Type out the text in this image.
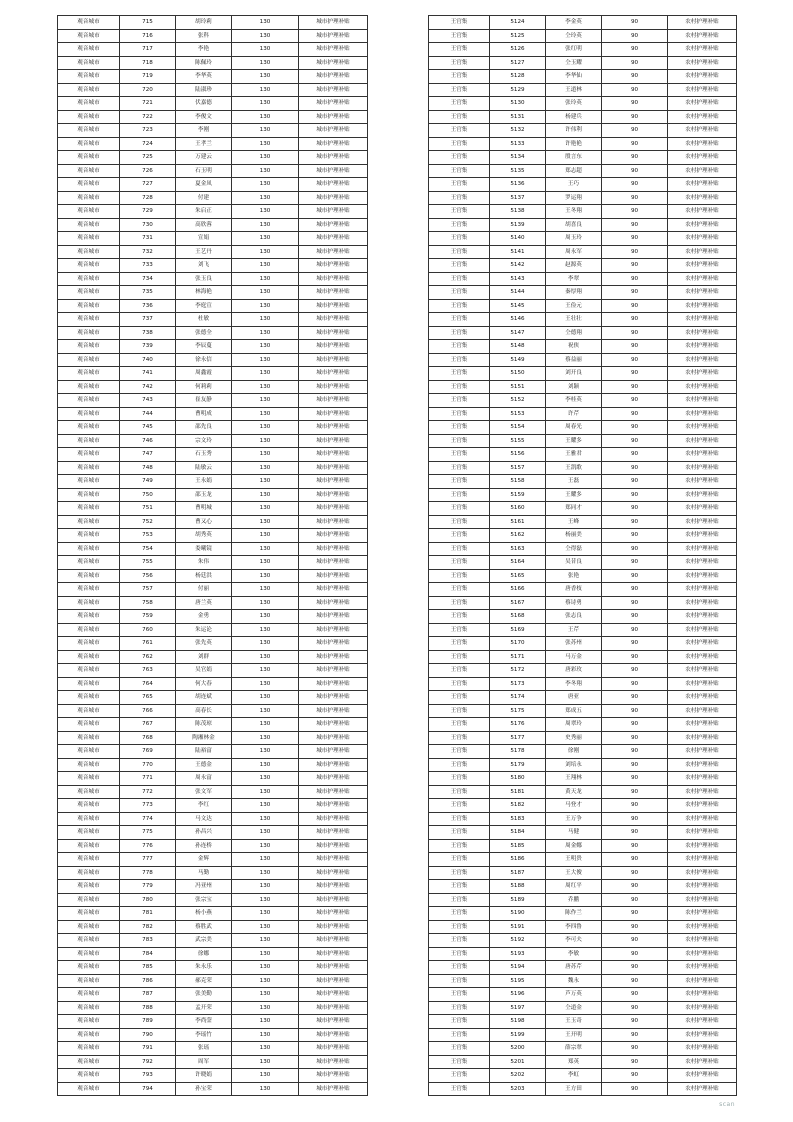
观音城市	715	胡玲莉	130	城市护理补贴
观音城市	716	张科	130	城市护理补贴
观音城市	717	李艳	130	城市护理补贴
观音城市	718	陈佩玲	130	城市护理补贴
观音城市	719	李华英	130	城市护理补贴
观音城市	720	陆淑珍	130	城市护理补贴
观音城市	721	伏嘉德	130	城市护理补贴
观音城市	722	李俊文	130	城市护理补贴
观音城市	723	李刚	130	城市护理补贴
观音城市	724	王孝兰	130	城市护理补贴
观音城市	725	万建云	130	城市护理补贴
观音城市	726	石玉明	130	城市护理补贴
观音城市	727	夏金凤	130	城市护理补贴
观音城市	728	付建	130	城市护理补贴
观音城市	729	朱启正	130	城市护理补贴
观音城市	730	高欣蓉	130	城市护理补贴
观音城市	731	宣娟	130	城市护理补贴
观音城市	732	王艺丹	130	城市护理补贴
观音城市	733	刘飞	130	城市护理补贴
观音城市	734	张玉良	130	城市护理补贴
观音城市	735	林海艳	130	城市护理补贴
观音城市	736	李庭宣	130	城市护理补贴
观音城市	737	杜敏	130	城市护理补贴
观音城市	738	张德全	130	城市护理补贴
观音城市	739	李辰蔓	130	城市护理补贴
观音城市	740	徐永信	130	城市护理补贴
观音城市	741	周鑫霞	130	城市护理补贴
观音城市	742	何莉莉	130	城市护理补贴
观音城市	743	崔友静	130	城市护理补贴
观音城市	744	曹明成	130	城市护理补贴
观音城市	745	邵先良	130	城市护理补贴
观音城市	746	宗文玲	130	城市护理补贴
观音城市	747	石玉秀	130	城市护理补贴
观音城市	748	陆敏云	130	城市护理补贴
观音城市	749	王永娟	130	城市护理补贴
观音城市	750	邵玉龙	130	城市护理补贴
观音城市	751	曹明城	130	城市护理补贴
观音城市	752	曹又心	130	城市护理补贴
观音城市	753	胡秀英	130	城市护理补贴
观音城市	754	娄曦镜	130	城市护理补贴
观音城市	755	朱伟	130	城市护理补贴
观音城市	756	杨廷洪	130	城市护理补贴
观音城市	757	付丽	130	城市护理补贴
观音城市	758	唐兰英	130	城市护理补贴
观音城市	759	金勇	130	城市护理补贴
观音城市	760	朱运论	130	城市护理补贴
观音城市	761	张先英	130	城市护理补贴
观音城市	762	刘群	130	城市护理补贴
观音城市	763	吴官娟	130	城市护理补贴
观音城市	764	何大春	130	城市护理补贴
观音城市	765	胡连斌	130	城市护理补贴
观音城市	766	高春长	130	城市护理补贴
观音城市	767	陈茂琼	130	城市护理补贴
观音城市	768	陶湘林金	130	城市护理补贴
观音城市	769	陆裕富	130	城市护理补贴
观音城市	770	王德金	130	城市护理补贴
观音城市	771	周永富	130	城市护理补贴
观音城市	772	张文军	130	城市护理补贴
观音城市	773	李红	130	城市护理补贴
观音城市	774	马文达	130	城市护理补贴
观音城市	775	孙昌兴	130	城市护理补贴
观音城市	776	孙连桥	130	城市护理补贴
观音城市	777	金辉	130	城市护理补贴
观音城市	778	马勤	130	城市护理补贴
观音城市	779	冯亚州	130	城市护理补贴
观音城市	780	张宗宝	130	城市护理补贴
观音城市	781	杨小燕	130	城市护理补贴
观音城市	782	蔡胜武	130	城市护理补贴
观音城市	783	武宗美	130	城市护理补贴
观音城市	784	徐娜	130	城市护理补贴
观音城市	785	朱永乐	130	城市护理补贴
观音城市	786	郝克荣	130	城市护理补贴
观音城市	787	张美勤	130	城市护理补贴
观音城市	788	孟开荣	130	城市护理补贴
观音城市	789	李尚蓥	130	城市护理补贴
观音城市	790	李瑶竹	130	城市护理补贴
观音城市	791	张瑶	130	城市护理补贴
观音城市	792	周军	130	城市护理补贴
观音城市	793	许晓娟	130	城市护理补贴
观音城市	794	孙宝荣	130	城市护理补贴
王官集	5124	李金英	90	农村护理补贴
王官集	5125	仝玲英	90	农村护理补贴
王官集	5126	张红明	90	农村护理补贴
王官集	5127	仝玉耀	90	农村护理补贴
王官集	5128	李华仙	90	农村护理补贴
王官集	5129	王道林	90	农村护理补贴
王官集	5130	张玲英	90	农村护理补贴
王官集	5131	杨建兵	90	农村护理补贴
王官集	5132	许伟利	90	农村护理补贴
王官集	5133	许艳艳	90	农村护理补贴
王官集	5134	殷言东	90	农村护理补贴
王官集	5135	郑志超	90	农村护理补贴
王官集	5136	王巧	90	农村护理补贴
王官集	5137	罗运翔	90	农村护理补贴
王官集	5138	王冬翔	90	农村护理补贴
王官集	5139	胡喜良	90	农村护理补贴
王官集	5140	周玉玲	90	农村护理补贴
王官集	5141	周永军	90	农村护理补贴
王官集	5142	赵源英	90	农村护理补贴
王官集	5143	李翠	90	农村护理补贴
王官集	5144	秦厚翔	90	农村护理补贴
王官集	5145	王俭元	90	农村护理补贴
王官集	5146	王壮壮	90	农村护理补贴
王官集	5147	仝德翔	90	农村护理补贴
王官集	5148	祝侠	90	农村护理补贴
王官集	5149	蔡益丽	90	农村护理补贴
王官集	5150	刘开良	90	农村护理补贴
王官集	5151	刘颖	90	农村护理补贴
王官集	5152	李桂英	90	农村护理补贴
王官集	5153	许芹	90	农村护理补贴
王官集	5154	周春光	90	农村护理补贴
王官集	5155	王耀多	90	农村护理补贴
王官集	5156	王雅君	90	农村护理补贴
王官集	5157	王凯歌	90	农村护理补贴
王官集	5158	王磊	90	农村护理补贴
王官集	5159	王耀多	90	农村护理补贴
王官集	5160	郑同才	90	农村护理补贴
王官集	5161	王峰	90	农村护理补贴
王官集	5162	杨丽美	90	农村护理补贴
王官集	5163	仝得磊	90	农村护理补贴
王官集	5164	吴昔良	90	农村护理补贴
王官集	5165	张艳	90	农村护理补贴
王官集	5166	唐香枝	90	农村护理补贴
王官集	5167	蔡诗勇	90	农村护理补贴
王官集	5168	张志良	90	农村护理补贴
王官集	5169	王芹	90	农村护理补贴
王官集	5170	张苏州	90	农村护理补贴
王官集	5171	马万金	90	农村护理补贴
王官集	5172	唐彩玫	90	农村护理补贴
王官集	5173	李冬翔	90	农村护理补贴
王官集	5174	唐亚	90	农村护理补贴
王官集	5175	郑成五	90	农村护理补贴
王官集	5176	周翠玲	90	农村护理补贴
王官集	5177	史秀丽	90	农村护理补贴
王官集	5178	徐刚	90	农村护理补贴
王官集	5179	刘培永	90	农村护理补贴
王官集	5180	王翔林	90	农村护理补贴
王官集	5181	黄天龙	90	农村护理补贴
王官集	5182	马登才	90	农村护理补贴
王官集	5183	王万争	90	农村护理补贴
王官集	5184	马健	90	农村护理补贴
王官集	5185	周金娜	90	农村护理补贴
王官集	5186	王明贵	90	农村护理补贴
王官集	5187	王大俊	90	农村护理补贴
王官集	5188	周红平	90	农村护理补贴
王官集	5189	乔鹏	90	农村护理补贴
王官集	5190	陈作兰	90	农村护理补贴
王官集	5191	李四鲁	90	农村护理补贴
王官集	5192	李可夫	90	农村护理补贴
王官集	5193	李敏	90	农村护理补贴
王官集	5194	唐苏芹	90	农村护理补贴
王官集	5195	魏永	90	农村护理补贴
王官集	5196	芦万英	90	农村护理补贴
王官集	5197	仝道金	90	农村护理补贴
王官集	5198	王玉奇	90	农村护理补贴
王官集	5199	王开明	90	农村护理补贴
王官集	5200	薛宗翠	90	农村护理补贴
王官集	5201	郑英	90	农村护理补贴
王官集	5202	李虹	90	农村护理补贴
王官集	5203	王方田	90	农村护理补贴
scan
